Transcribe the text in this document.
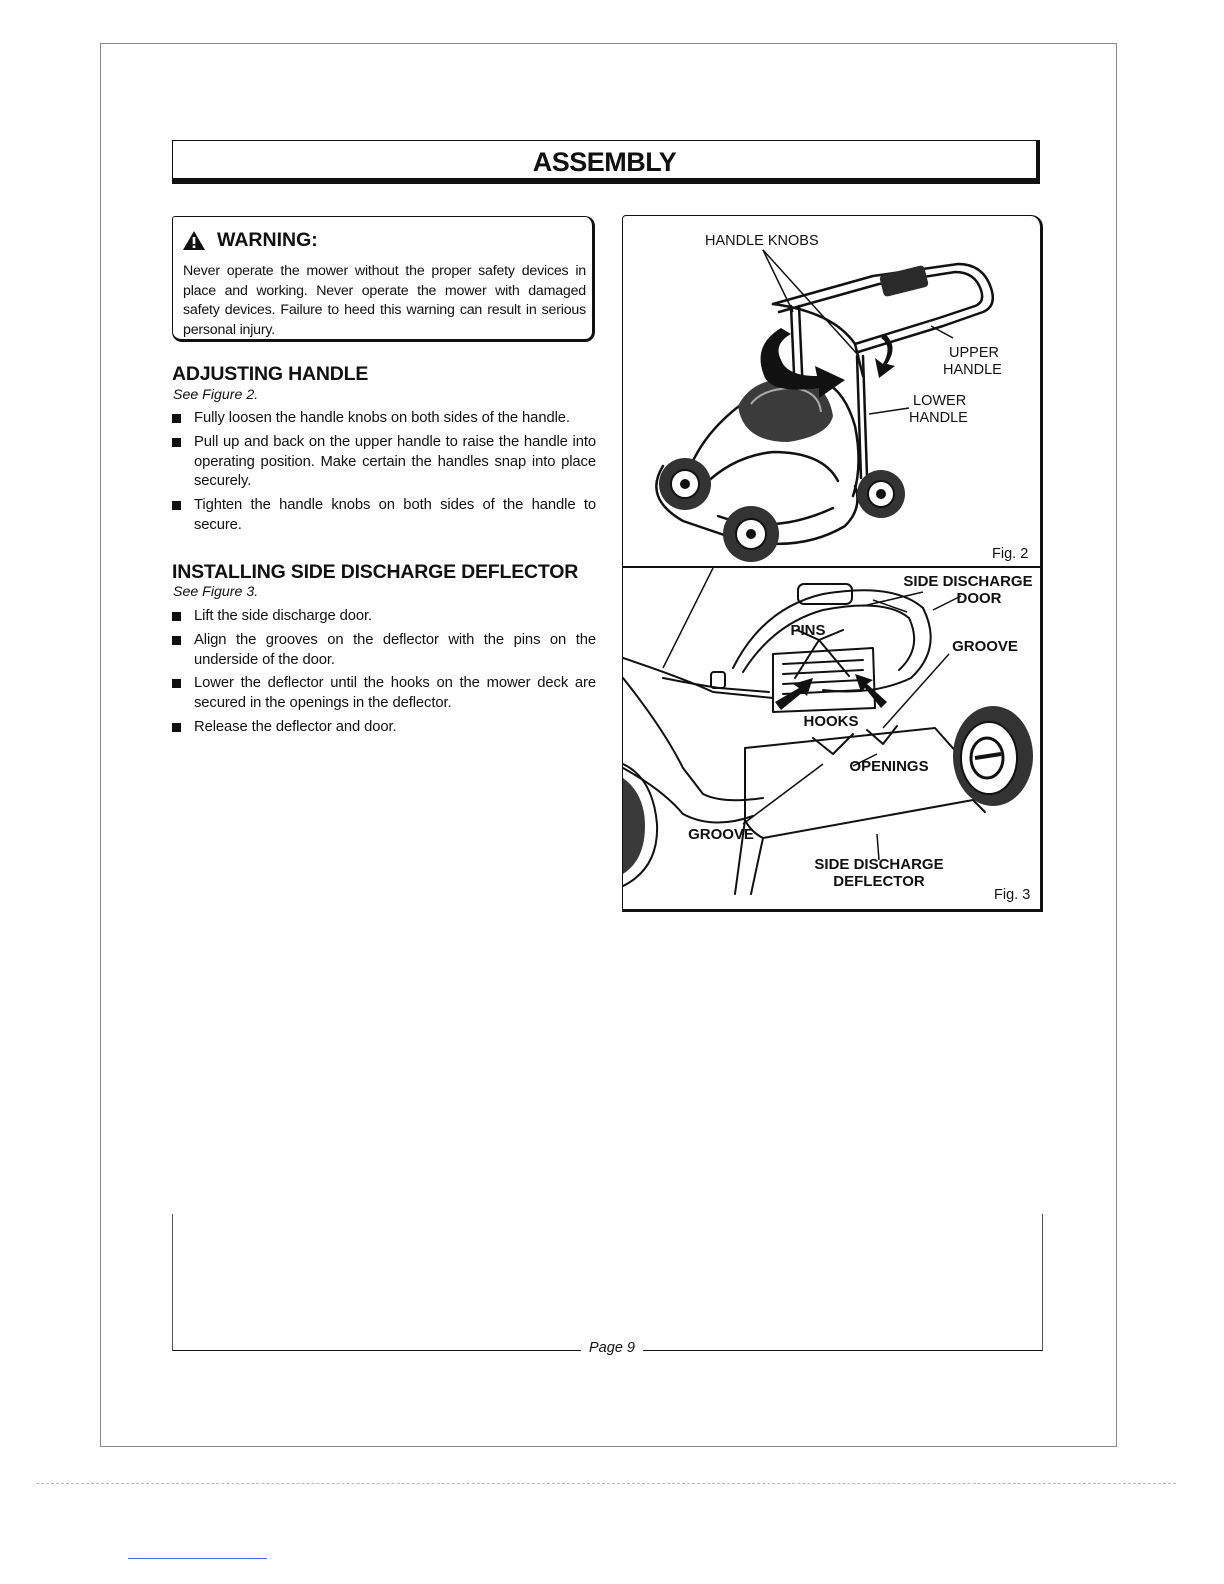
ASSEMBLY
WARNING:
Never operate the mower without the proper safety devices in place and working. Never operate the mower with damaged safety devices. Failure to heed this warning can result in serious personal injury.
ADJUSTING HANDLE
See Figure 2.
Fully loosen the handle knobs on both sides of the handle.
Pull up and back on the upper handle to raise the handle into operating position. Make certain the handles snap into place securely.
Tighten the handle knobs on both sides of the handle to secure.
INSTALLING SIDE DISCHARGE DEFLECTOR
See Figure 3.
Lift the side discharge door.
Align the grooves on the deflector with the pins on the underside of the door.
Lower the deflector until the hooks on the mower deck are secured in the openings in the deflector.
Release the deflector and door.
HANDLE KNOBS
UPPER
HANDLE
LOWER
HANDLE
Fig. 2
SIDE DISCHARGE
DOOR
PINS
GROOVE
HOOKS
OPENINGS
GROOVE
SIDE DISCHARGE
DEFLECTOR
Fig. 3
Page 9
